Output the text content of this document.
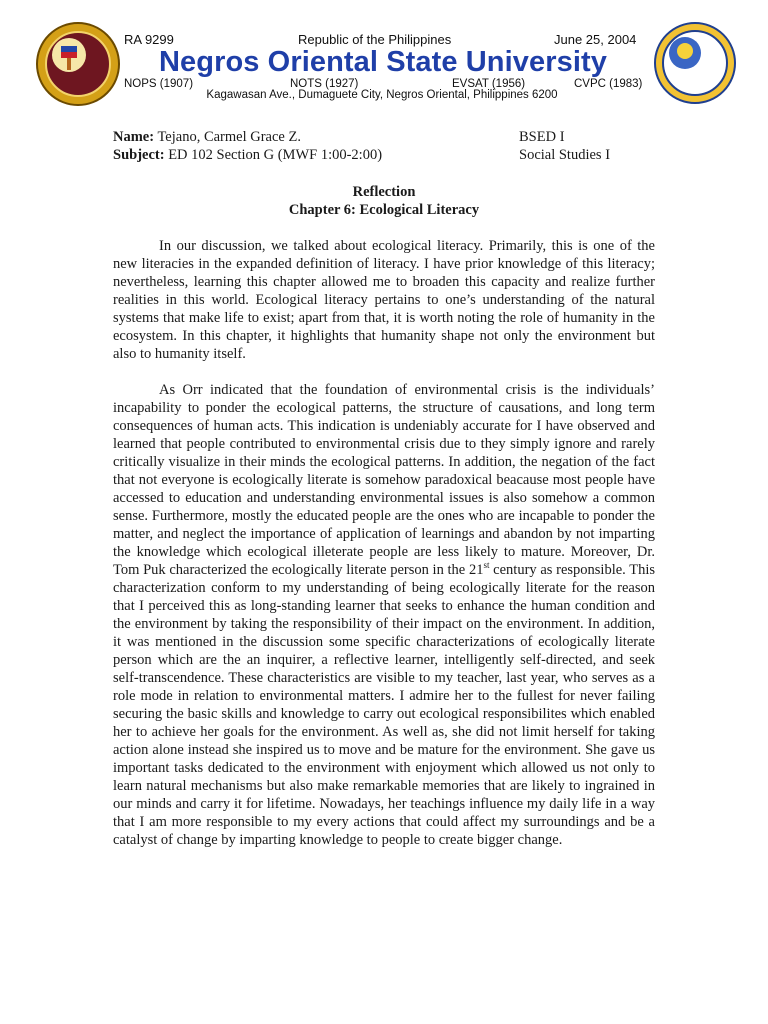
RA 9299	Republic of the Philippines	June 25, 2004
Negros Oriental State University
NOPS (1907)	NOTS (1927)	EVSAT (1956)	CVPC (1983)
Kagawasan Ave., Dumaguete City, Negros Oriental, Philippines 6200
Name: Tejano, Carmel Grace Z.	BSED I
Subject: ED 102 Section G (MWF 1:00-2:00)	Social Studies I
Reflection
Chapter 6: Ecological Literacy

In our discussion, we talked about ecological literacy. Primarily, this is one of the new literacies in the expanded definition of literacy. I have prior knowledge of this literacy; nevertheless, learning this chapter allowed me to broaden this capacity and realize further realities in this world. Ecological literacy pertains to one’s understanding of the natural systems that make life to exist; apart from that, it is worth noting the role of humanity in the ecosystem. In this chapter, it highlights that humanity shape not only the environment but also to humanity itself.

As Orr indicated that the foundation of environmental crisis is the individuals’ incapability to ponder the ecological patterns, the structure of causations, and long term consequences of human acts. This indication is undeniably accurate for I have observed and learned that people contributed to environmental crisis due to they simply ignore and rarely critically visualize in their minds the ecological patterns. In addition, the negation of the fact that not everyone is ecologically literate is somehow paradoxical beacause most people have accessed to education and understanding environmental issues is also somehow a common sense. Furthermore, mostly the educated people are the ones who are incapable to ponder the matter, and neglect the importance of application of learnings and abandon by not imparting the knowledge which ecological illeterate people are less likely to mature. Moreover, Dr. Tom Puk characterized the ecologically literate person in the 21st century as responsible. This characterization conform to my understanding of being ecologically literate for the reason that I perceived this as long-standing learner that seeks to enhance the human condition and the environment by taking the responsibility of their impact on the environment. In addition, it was mentioned in the discussion some specific characterizations of ecologically literate person which are the an inquirer, a reflective learner, intelligently self-directed, and seek self-transcendence. These characteristics are visible to my teacher, last year, who serves as a role mode in relation to environmental matters. I admire her to the fullest for never failing securing the basic skills and knowledge to carry out ecological responsibilites which enabled her to achieve her goals for the environment. As well as, she did not limit herself for taking action alone instead she inspired us to move and be mature for the environment. She gave us important tasks dedicated to the environment with enjoyment which allowed us not only to learn natural mechanisms but also make remarkable memories that are likely to ingrained in our minds and carry it for lifetime. Nowadays, her teachings influence my daily life in a way that I am more responsible to my every actions that could affect my surroundings and be a catalyst of change by imparting knowledge to people to create bigger change.
